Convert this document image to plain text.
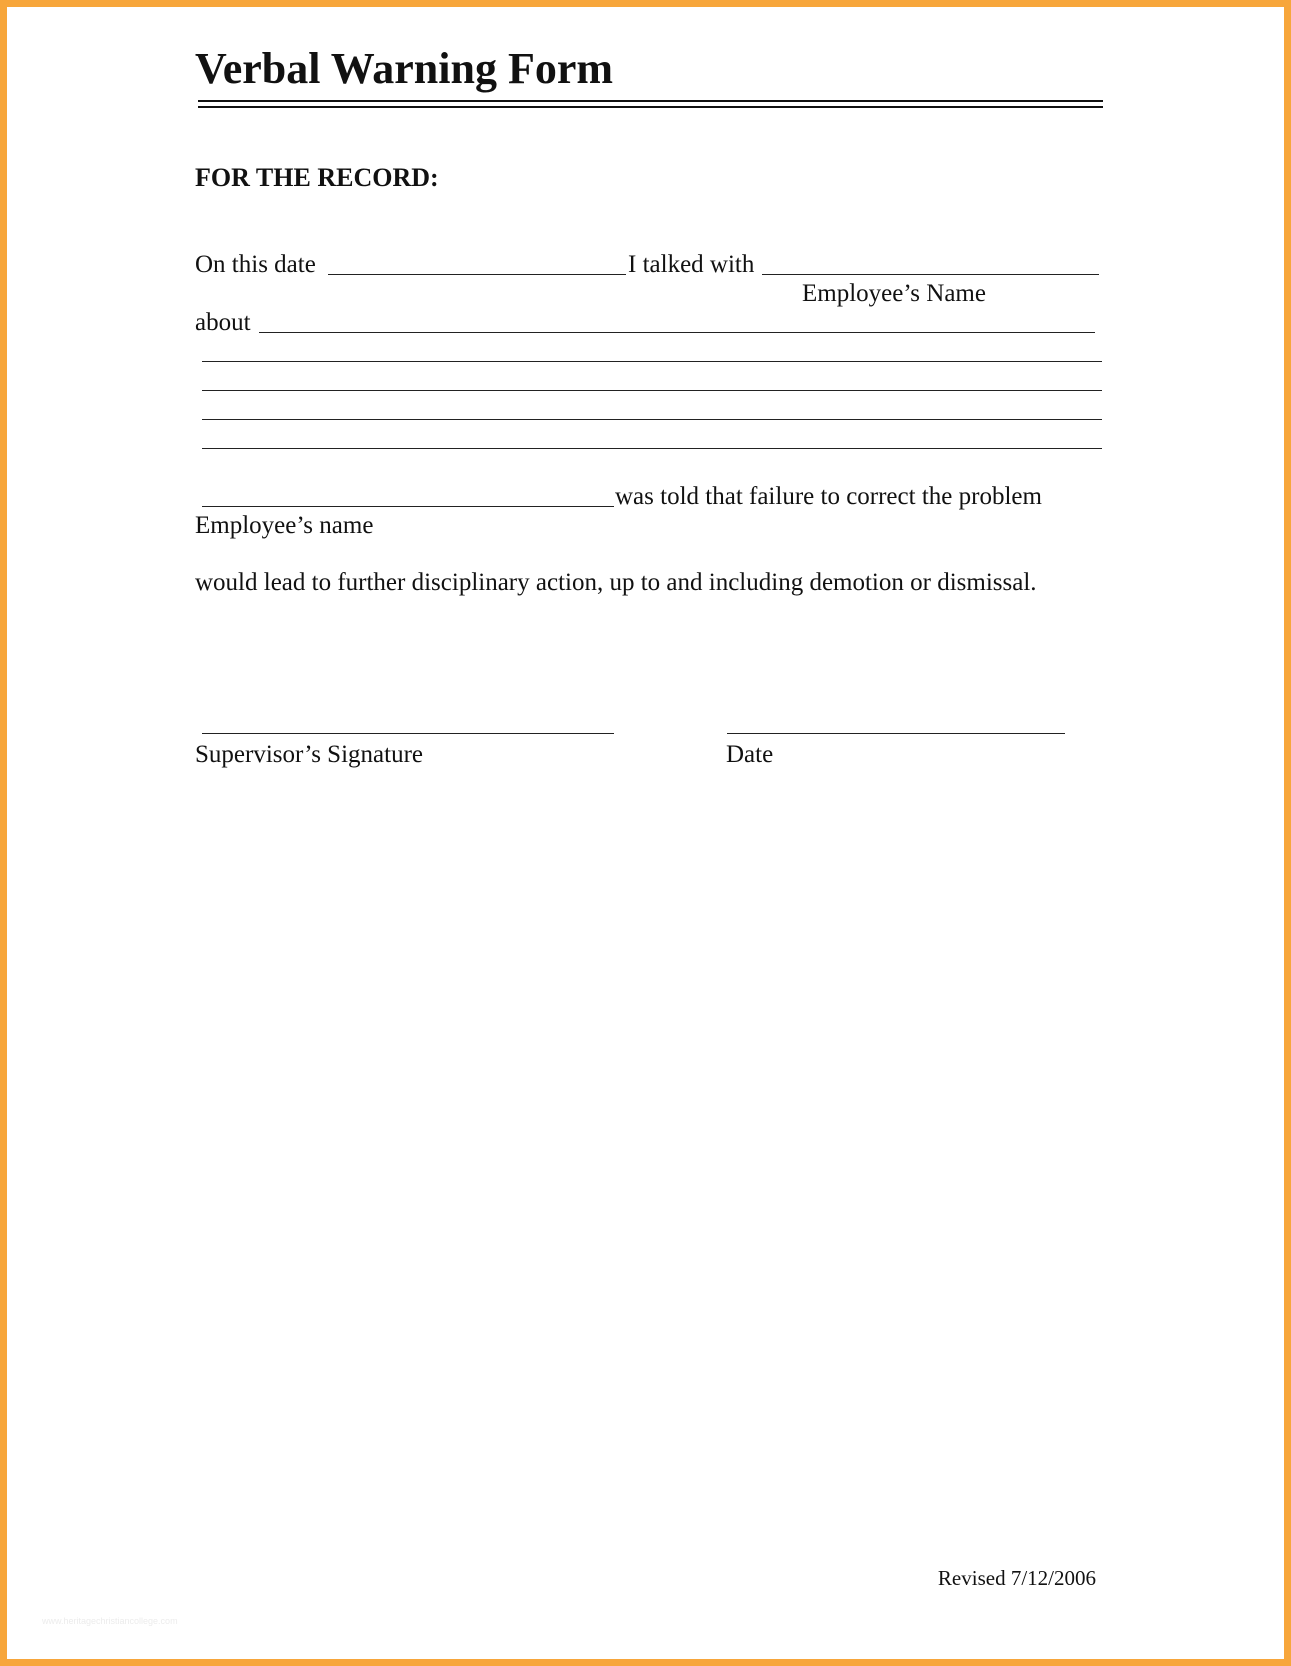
Verbal Warning Form
FOR THE RECORD:
On this date	I talked with
Employee’s Name
about
was told that failure to correct the problem
Employee’s name
would lead to further disciplinary action, up to and including demotion or dismissal.
Supervisor’s Signature	Date
Revised 7/12/2006
www.heritagechristiancollege.com
